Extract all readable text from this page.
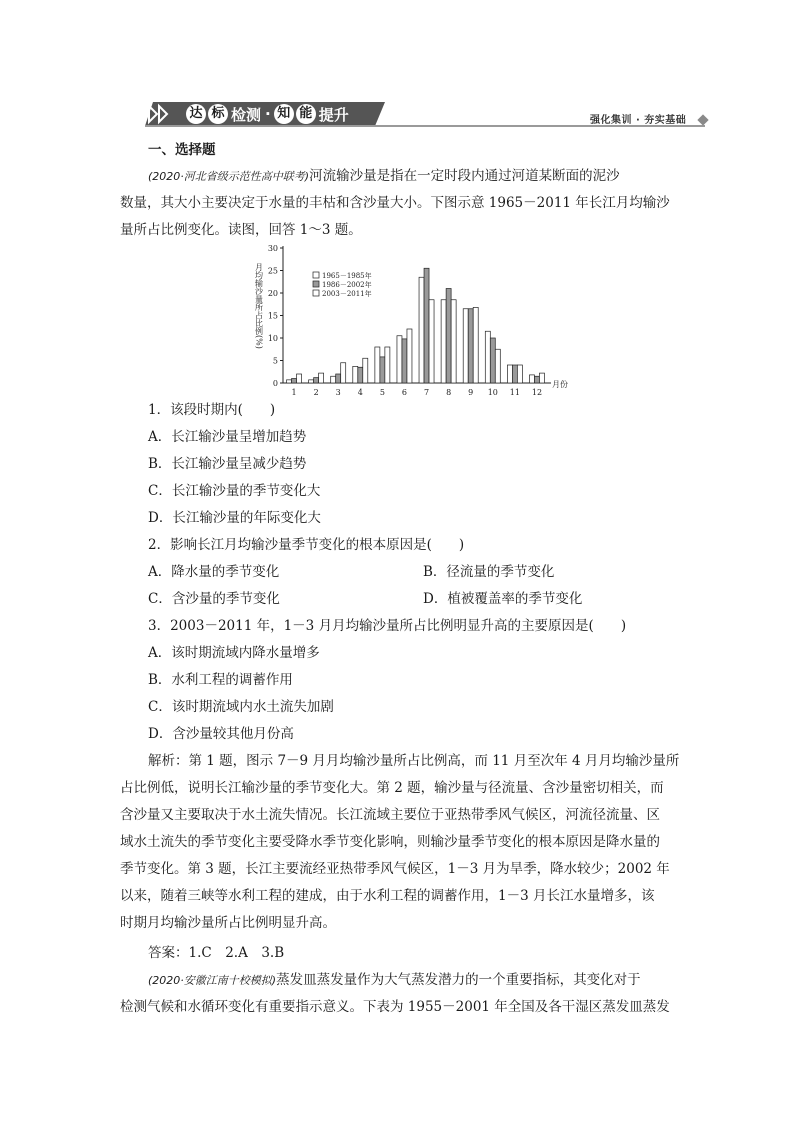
达 标 检测 · 知 能 提升	强化集训 · 夯实基础
一、选择题
(2020·河北省级示范性高中联考)河流输沙量是指在一定时段内通过河道某断面的泥沙
数量，其大小主要决定于水量的丰枯和含沙量大小。下图示意 1965－2011 年长江月均输沙
量所占比例变化。读图，回答 1～3 题。
0
5
10
15
20
25
30
月均输沙量所占比例(%)
1 2 3 4 5 6 7 8 9 10 11 12
月份
1965－1985年
1986－2002年
2003－2011年
1．该段时期内(　　)
A．长江输沙量呈增加趋势
B．长江输沙量呈减少趋势
C．长江输沙量的季节变化大
D．长江输沙量的年际变化大
2．影响长江月均输沙量季节变化的根本原因是(　　)
A．降水量的季节变化	B．径流量的季节变化
C．含沙量的季节变化	D．植被覆盖率的季节变化
3．2003－2011 年，1－3 月月均输沙量所占比例明显升高的主要原因是(　　)
A．该时期流域内降水量增多
B．水利工程的调蓄作用
C．该时期流域内水土流失加剧
D．含沙量较其他月份高
解析：第 1 题，图示 7－9 月月均输沙量所占比例高，而 11 月至次年 4 月月均输沙量所
占比例低，说明长江输沙量的季节变化大。第 2 题，输沙量与径流量、含沙量密切相关，而
含沙量又主要取决于水土流失情况。长江流域主要位于亚热带季风气候区，河流径流量、区
域水土流失的季节变化主要受降水季节变化影响，则输沙量季节变化的根本原因是降水量的
季节变化。第 3 题，长江主要流经亚热带季风气候区，1－3 月为旱季，降水较少；2002 年
以来，随着三峡等水利工程的建成，由于水利工程的调蓄作用，1－3 月长江水量增多，该
时期月均输沙量所占比例明显升高。
答案：1.C　2.A　3.B
(2020·安徽江南十校模拟)蒸发皿蒸发量作为大气蒸发潜力的一个重要指标，其变化对于
检测气候和水循环变化有重要指示意义。下表为 1955－2001 年全国及各干湿区蒸发皿蒸发
